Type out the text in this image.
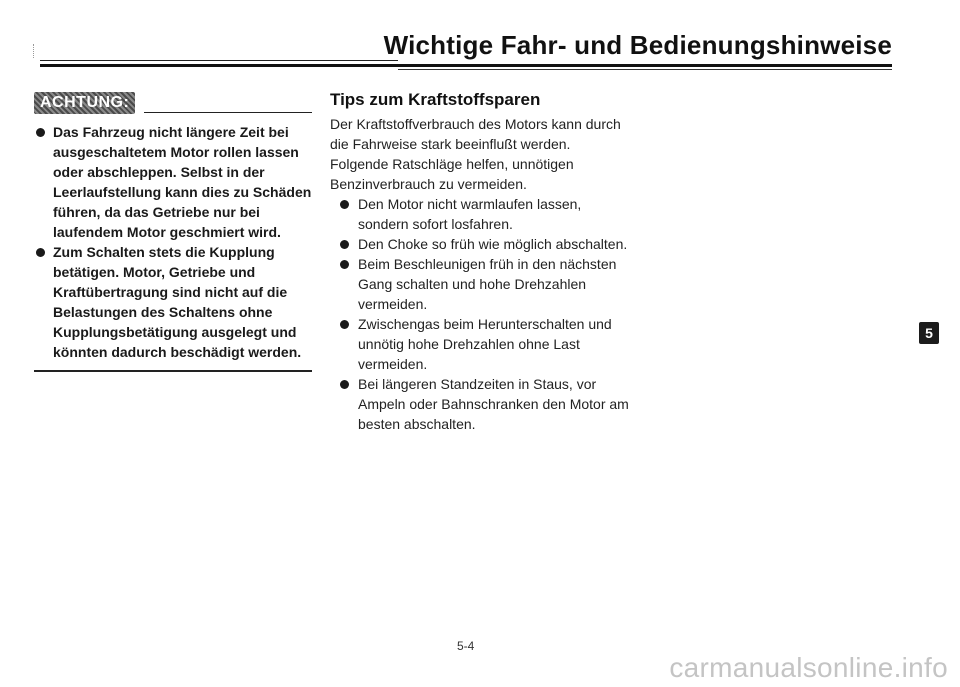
Wichtige Fahr- und Bedienungshinweise
ACHTUNG:
Das Fahrzeug nicht längere Zeit bei ausgeschaltetem Motor rollen lassen oder abschleppen. Selbst in der Leerlaufstellung kann dies zu Schäden führen, da das Getriebe nur bei laufendem Motor geschmiert wird.
Zum Schalten stets die Kupplung betätigen. Motor, Getriebe und Kraftübertragung sind nicht auf die Belastungen des Schaltens ohne Kupplungsbetätigung ausgelegt und könnten dadurch beschädigt werden.
Tips zum Kraftstoffsparen

Der Kraftstoffverbrauch des Motors kann durch die Fahrweise stark beeinflußt werden. Folgende Ratschläge helfen, unnötigen Benzinverbrauch zu vermeiden.

Den Motor nicht warmlaufen lassen, sondern sofort losfahren.
Den Choke so früh wie möglich abschalten.
Beim Beschleunigen früh in den nächsten Gang schalten und hohe Drehzahlen vermeiden.
Zwischengas beim Herunterschalten und unnötig hohe Drehzahlen ohne Last vermeiden.
Bei längeren Standzeiten in Staus, vor Ampeln oder Bahnschranken den Motor am besten abschalten.
5
5-4
carmanualsonline.info
